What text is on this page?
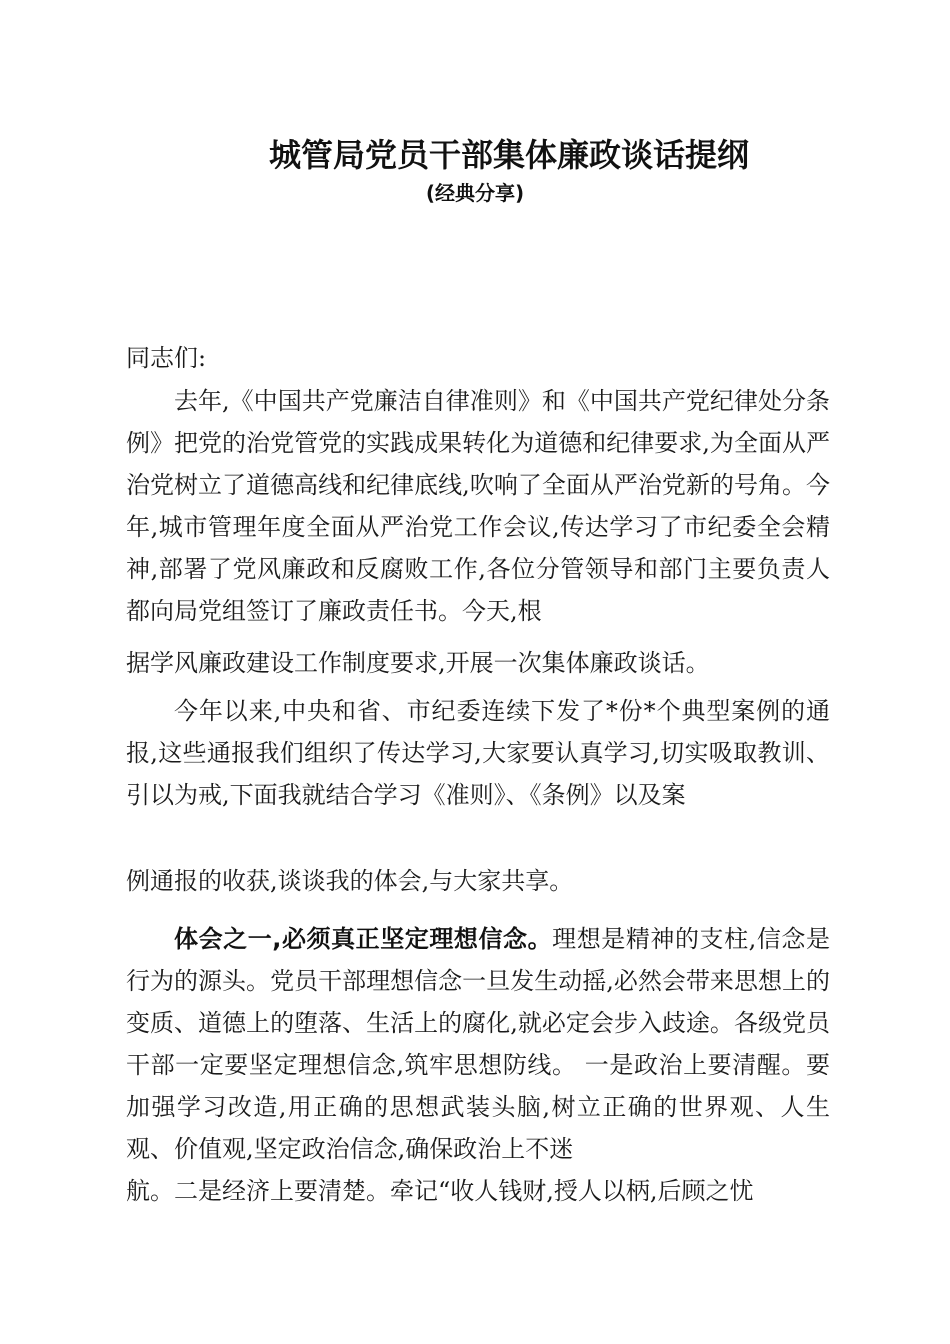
城管局党员干部集体廉政谈话提纲
(经典分享)

同志们:

去年,《中国共产党廉洁自律准则》和《中国共产党纪律处分条例》把党的治党管党的实践成果转化为道德和纪律要求,为全面从严治党树立了道德高线和纪律底线,吹响了全面从严治党新的号角。今年,城市管理年度全面从严治党工作会议,传达学习了市纪委全会精神,部署了党风廉政和反腐败工作,各位分管领导和部门主要负责人都向局党组签订了廉政责任书。今天,根

据学风廉政建设工作制度要求,开展一次集体廉政谈话。

今年以来,中央和省、市纪委连续下发了*份*个典型案例的通报,这些通报我们组织了传达学习,大家要认真学习,切实吸取教训、引以为戒,下面我就结合学习《准则》、《条例》以及案

例通报的收获,谈谈我的体会,与大家共享。

体会之一,必须真正坚定理想信念。理想是精神的支柱,信念是行为的源头。党员干部理想信念一旦发生动摇,必然会带来思想上的变质、道德上的堕落、生活上的腐化,就必定会步入歧途。各级党员干部一定要坚定理想信念,筑牢思想防线。 一是政治上要清醒。要加强学习改造,用正确的思想武装头脑,树立正确的世界观、人生观、价值观,坚定政治信念,确保政治上不迷

航。二是经济上要清楚。牵记“收人钱财,授人以柄,后顾之忧
